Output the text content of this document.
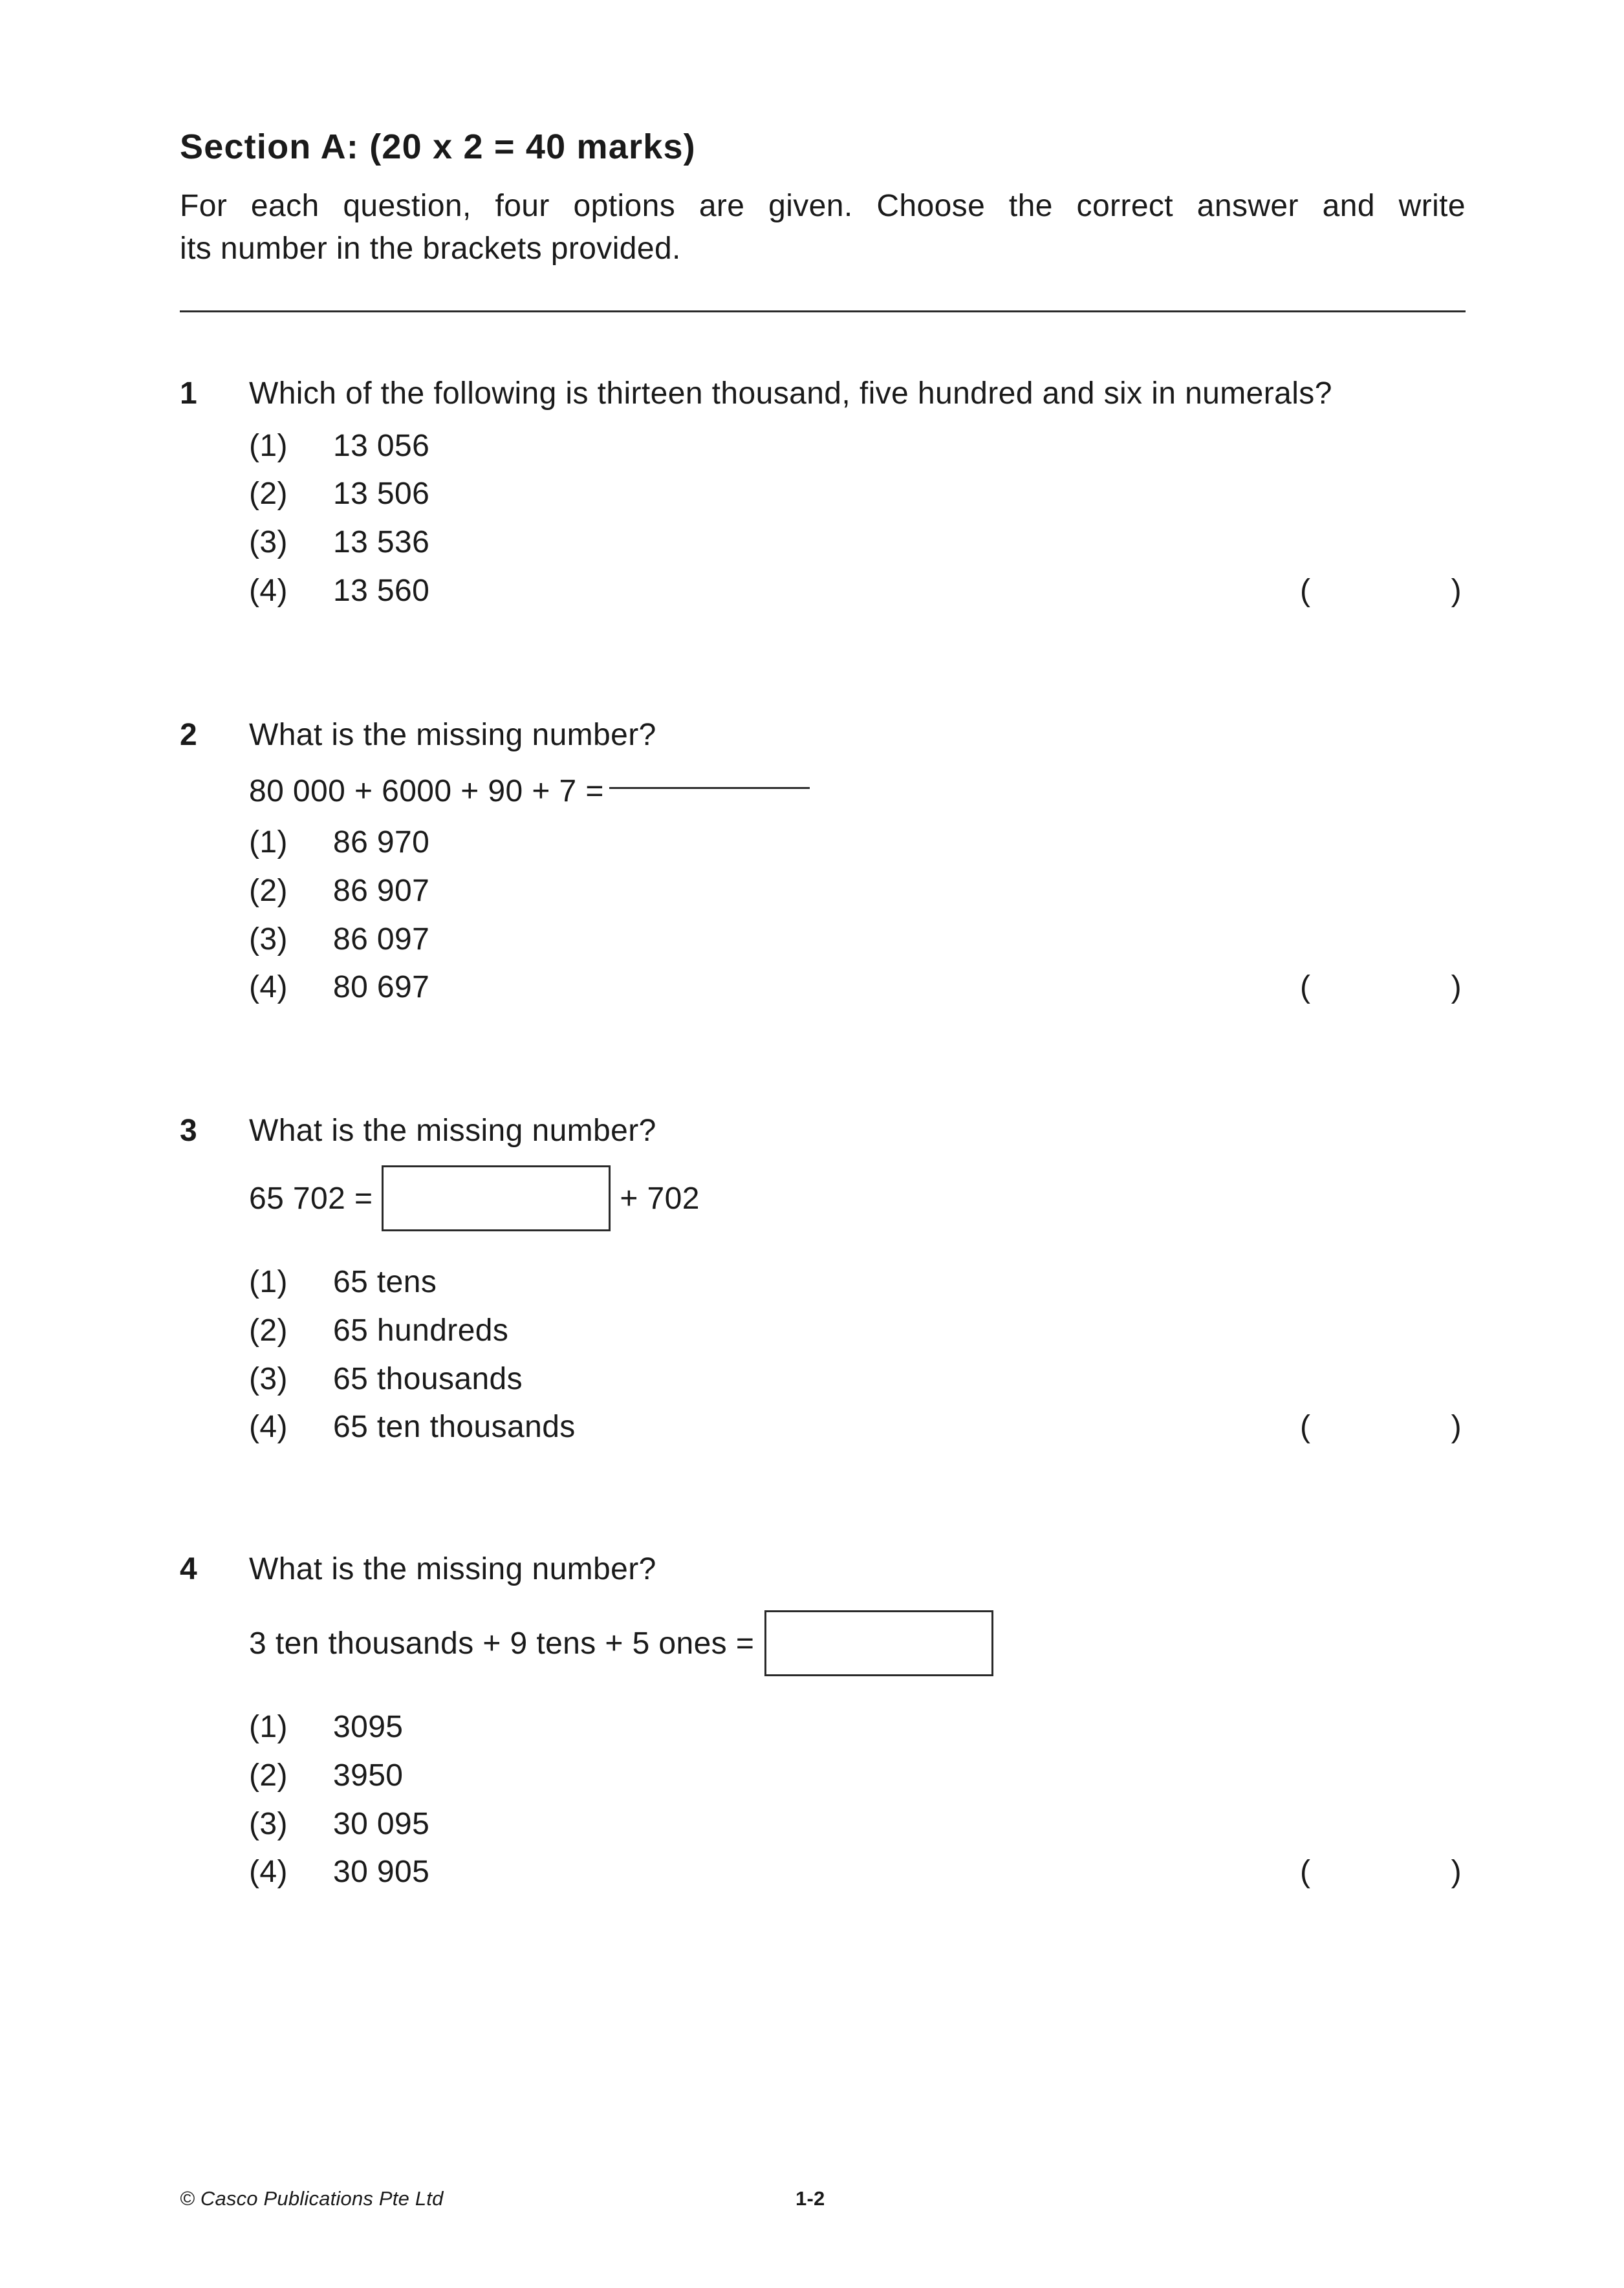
Section A: (20 x 2 = 40 marks)
For each question, four options are given. Choose the correct answer and write
its number in the brackets provided.
1	Which of the following is thirteen thousand, five hundred and six in numerals?
(1)	13 056
(2)	13 506
(3)	13 536
(4)	13 560	(	)
2	What is the missing number?
80 000 + 6000 + 90 + 7 =
(1)	86 970
(2)	86 907
(3)	86 097
(4)	80 697	(	)
3	What is the missing number?
65 702 =	+ 702
(1)	65 tens
(2)	65 hundreds
(3)	65 thousands
(4)	65 ten thousands	(	)
4	What is the missing number?
3 ten thousands + 9 tens + 5 ones =
(1)	3095
(2)	3950
(3)	30 095
(4)	30 905	(	)
© Casco Publications Pte Ltd	1-2
